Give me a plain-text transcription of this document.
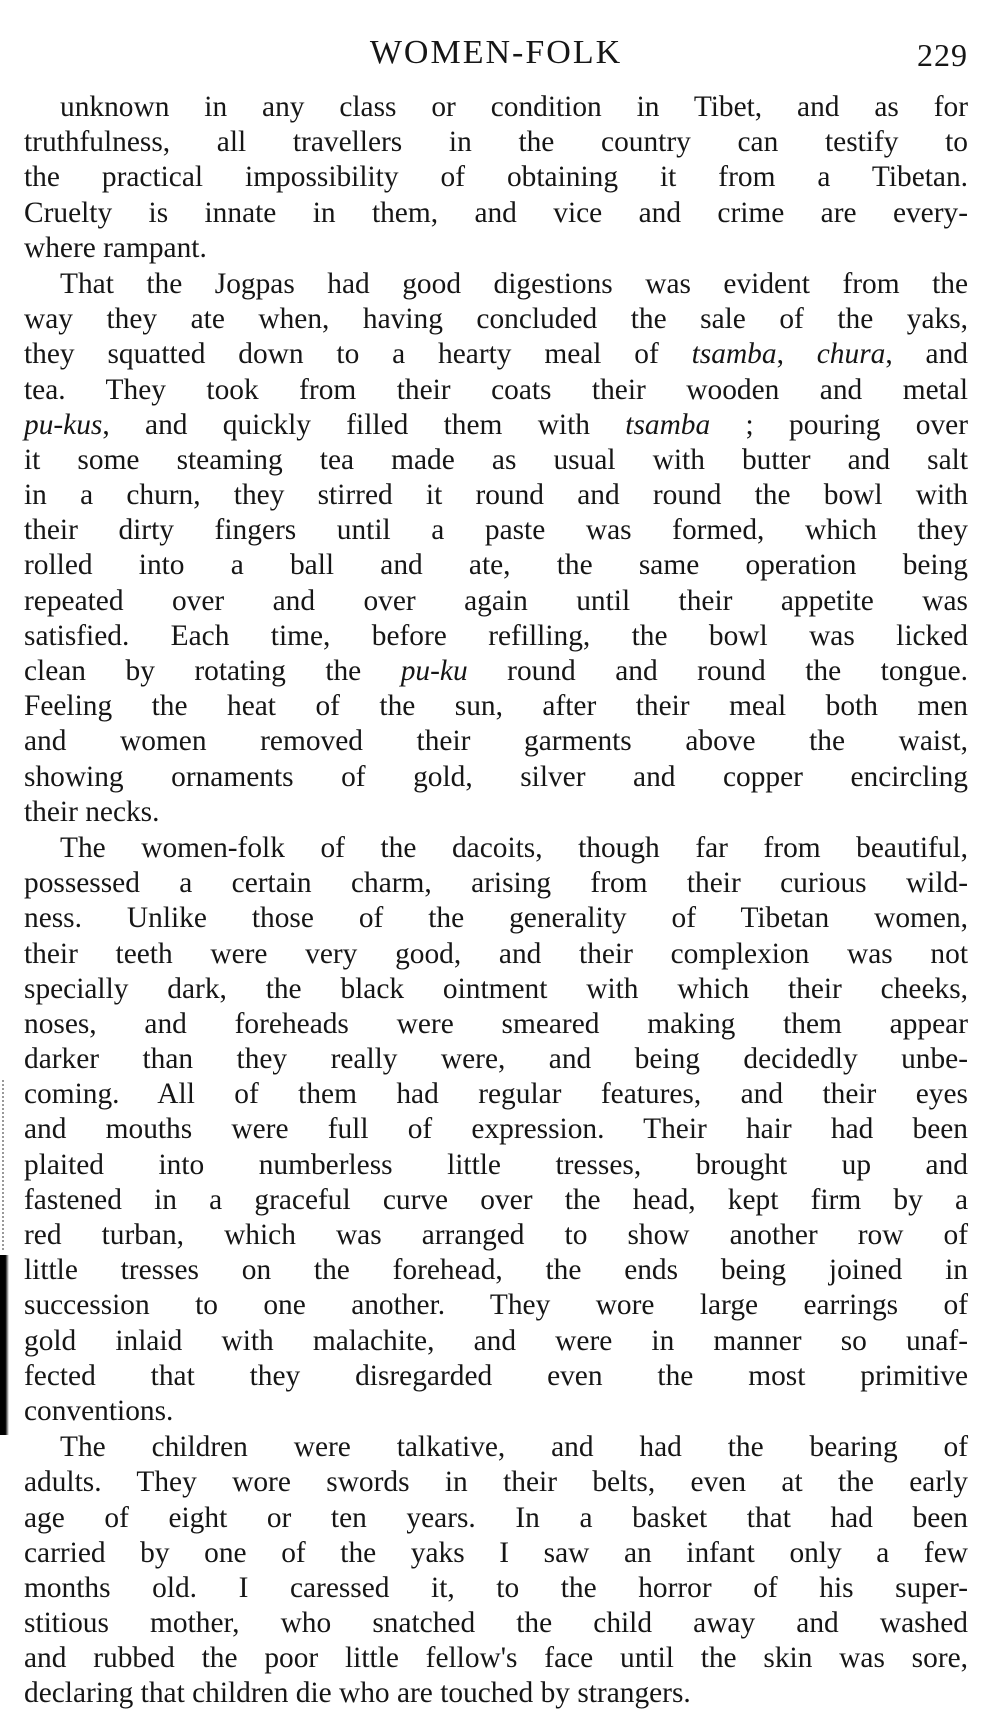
WOMEN-FOLK	229
unknown in any class or condition in Tibet, and as for
truthfulness, all travellers in the country can testify to
the practical impossibility of obtaining it from a Tibetan.
Cruelty is innate in them, and vice and crime are every-
where rampant.
That the Jogpas had good digestions was evident from the
way they ate when, having concluded the sale of the yaks,
they squatted down to a hearty meal of tsamba, chura, and
tea. They took from their coats their wooden and metal
pu-kus, and quickly filled them with tsamba ; pouring over
it some steaming tea made as usual with butter and salt
in a churn, they stirred it round and round the bowl with
their dirty fingers until a paste was formed, which they
rolled into a ball and ate, the same operation being
repeated over and over again until their appetite was
satisfied. Each time, before refilling, the bowl was licked
clean by rotating the pu-ku round and round the tongue.
Feeling the heat of the sun, after their meal both men
and women removed their garments above the waist,
showing ornaments of gold, silver and copper encircling
their necks.
The women-folk of the dacoits, though far from beautiful,
possessed a certain charm, arising from their curious wild-
ness. Unlike those of the generality of Tibetan women,
their teeth were very good, and their complexion was not
specially dark, the black ointment with which their cheeks,
noses, and foreheads were smeared making them appear
darker than they really were, and being decidedly unbe-
coming. All of them had regular features, and their eyes
and mouths were full of expression. Their hair had been
plaited into numberless little tresses, brought up and
fastened in a graceful curve over the head, kept firm by a
red turban, which was arranged to show another row of
little tresses on the forehead, the ends being joined in
succession to one another. They wore large earrings of
gold inlaid with malachite, and were in manner so unaf-
fected that they disregarded even the most primitive
conventions.
The children were talkative, and had the bearing of
adults. They wore swords in their belts, even at the early
age of eight or ten years. In a basket that had been
carried by one of the yaks I saw an infant only a few
months old. I caressed it, to the horror of his super-
stitious mother, who snatched the child away and washed
and rubbed the poor little fellow's face until the skin was sore,
declaring that children die who are touched by strangers.
